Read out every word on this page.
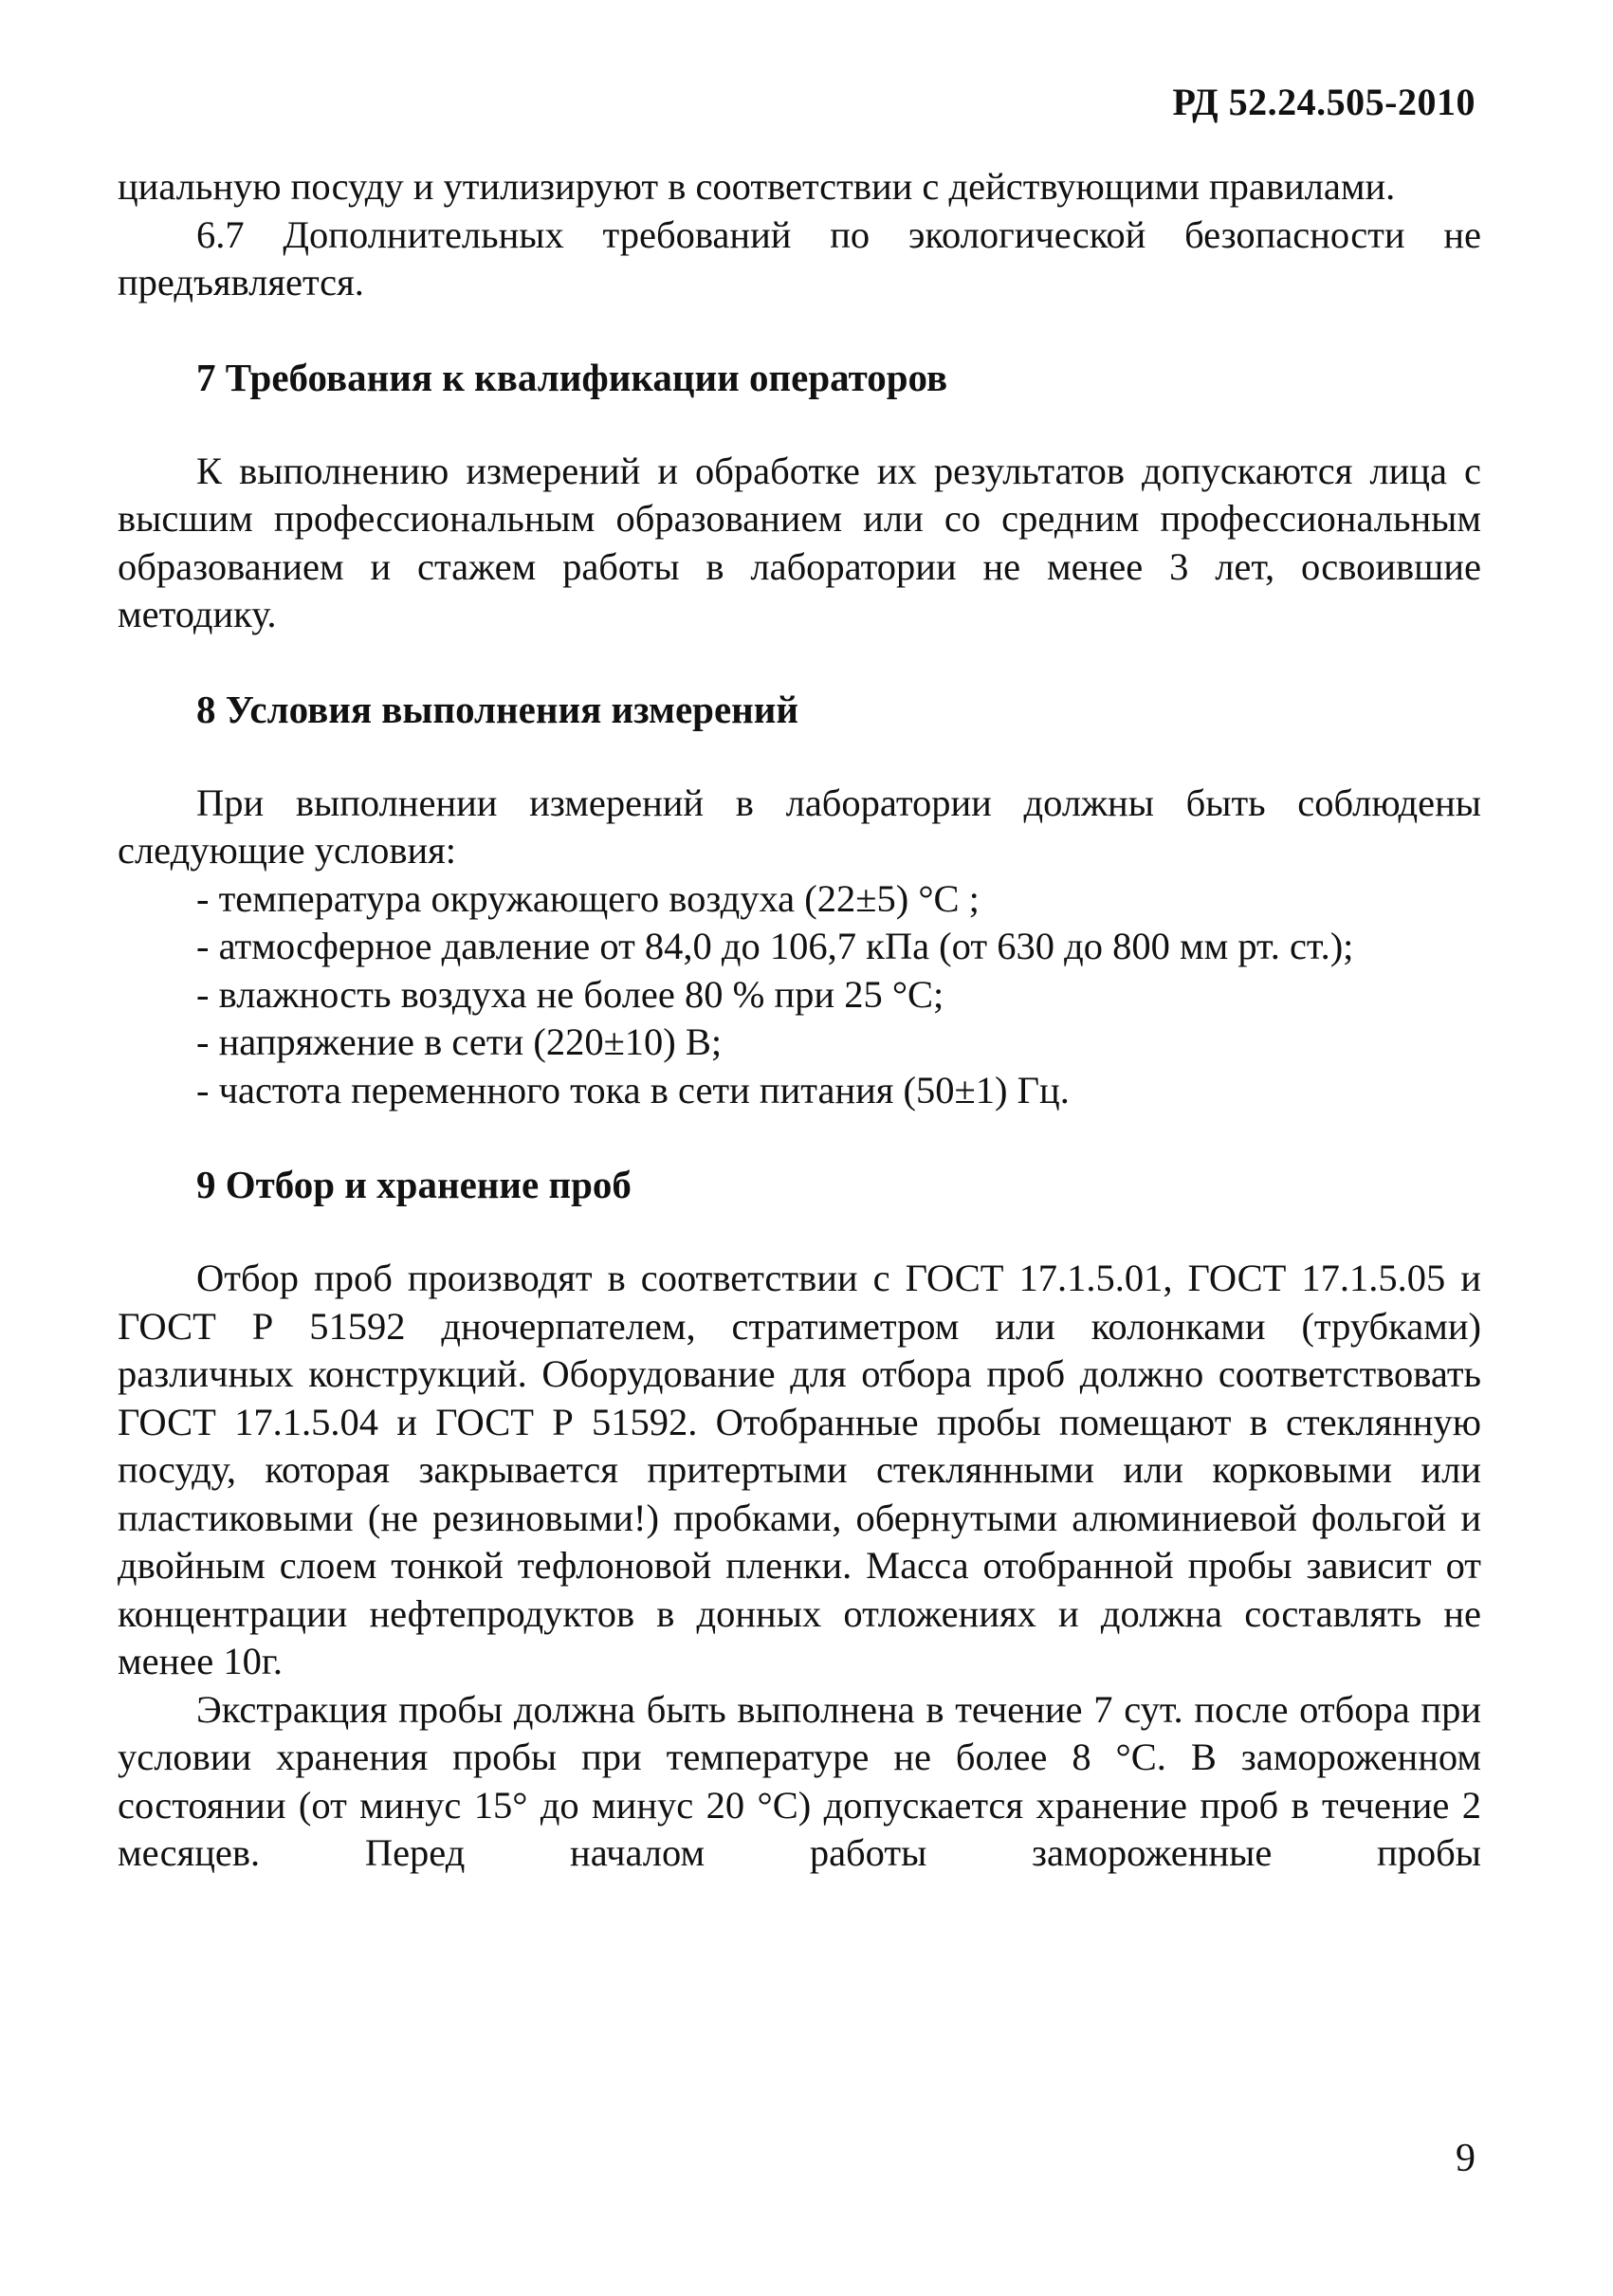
РД 52.24.505-2010

циальную посуду и утилизируют в соответствии с действующими правилами.

6.7 Дополнительных требований по экологической безопасности не предъявляется.

7 Требования к квалификации операторов

К выполнению измерений и обработке их результатов допускаются лица с высшим профессиональным образованием или со средним профессиональным образованием и стажем работы в лаборатории не менее 3 лет, освоившие методику.

8 Условия выполнения измерений

При выполнении измерений в лаборатории должны быть соблюдены следующие условия:

- температура окружающего воздуха (22±5) °С ;
- атмосферное давление от 84,0 до 106,7 кПа (от 630 до 800 мм рт. ст.);
- влажность воздуха не более 80 % при 25 °С;
- напряжение в сети (220±10) В;
- частота переменного тока в сети питания (50±1) Гц.
9 Отбор и хранение проб

Отбор проб производят в соответствии с ГОСТ 17.1.5.01, ГОСТ 17.1.5.05 и ГОСТ Р 51592 дночерпателем, стратиметром или колонками (трубками) различных конструкций. Оборудование для отбора проб должно соответствовать ГОСТ 17.1.5.04 и ГОСТ Р 51592. Отобранные пробы помещают в стеклянную посуду, которая закрывается притертыми стеклянными или корковыми или пластиковыми (не резиновыми!) пробками, обернутыми алюминиевой фольгой и двойным слоем тонкой тефлоновой пленки. Масса отобранной пробы зависит от концентрации нефтепродуктов в донных отложениях и должна составлять не менее 10г.

Экстракция пробы должна быть выполнена в течение 7 сут. после отбора при условии хранения пробы при температуре не более 8 °С. В замороженном состоянии (от минус 15° до минус 20 °С) допускается хранение проб в течение 2 месяцев. Перед началом работы замороженные пробы

9
